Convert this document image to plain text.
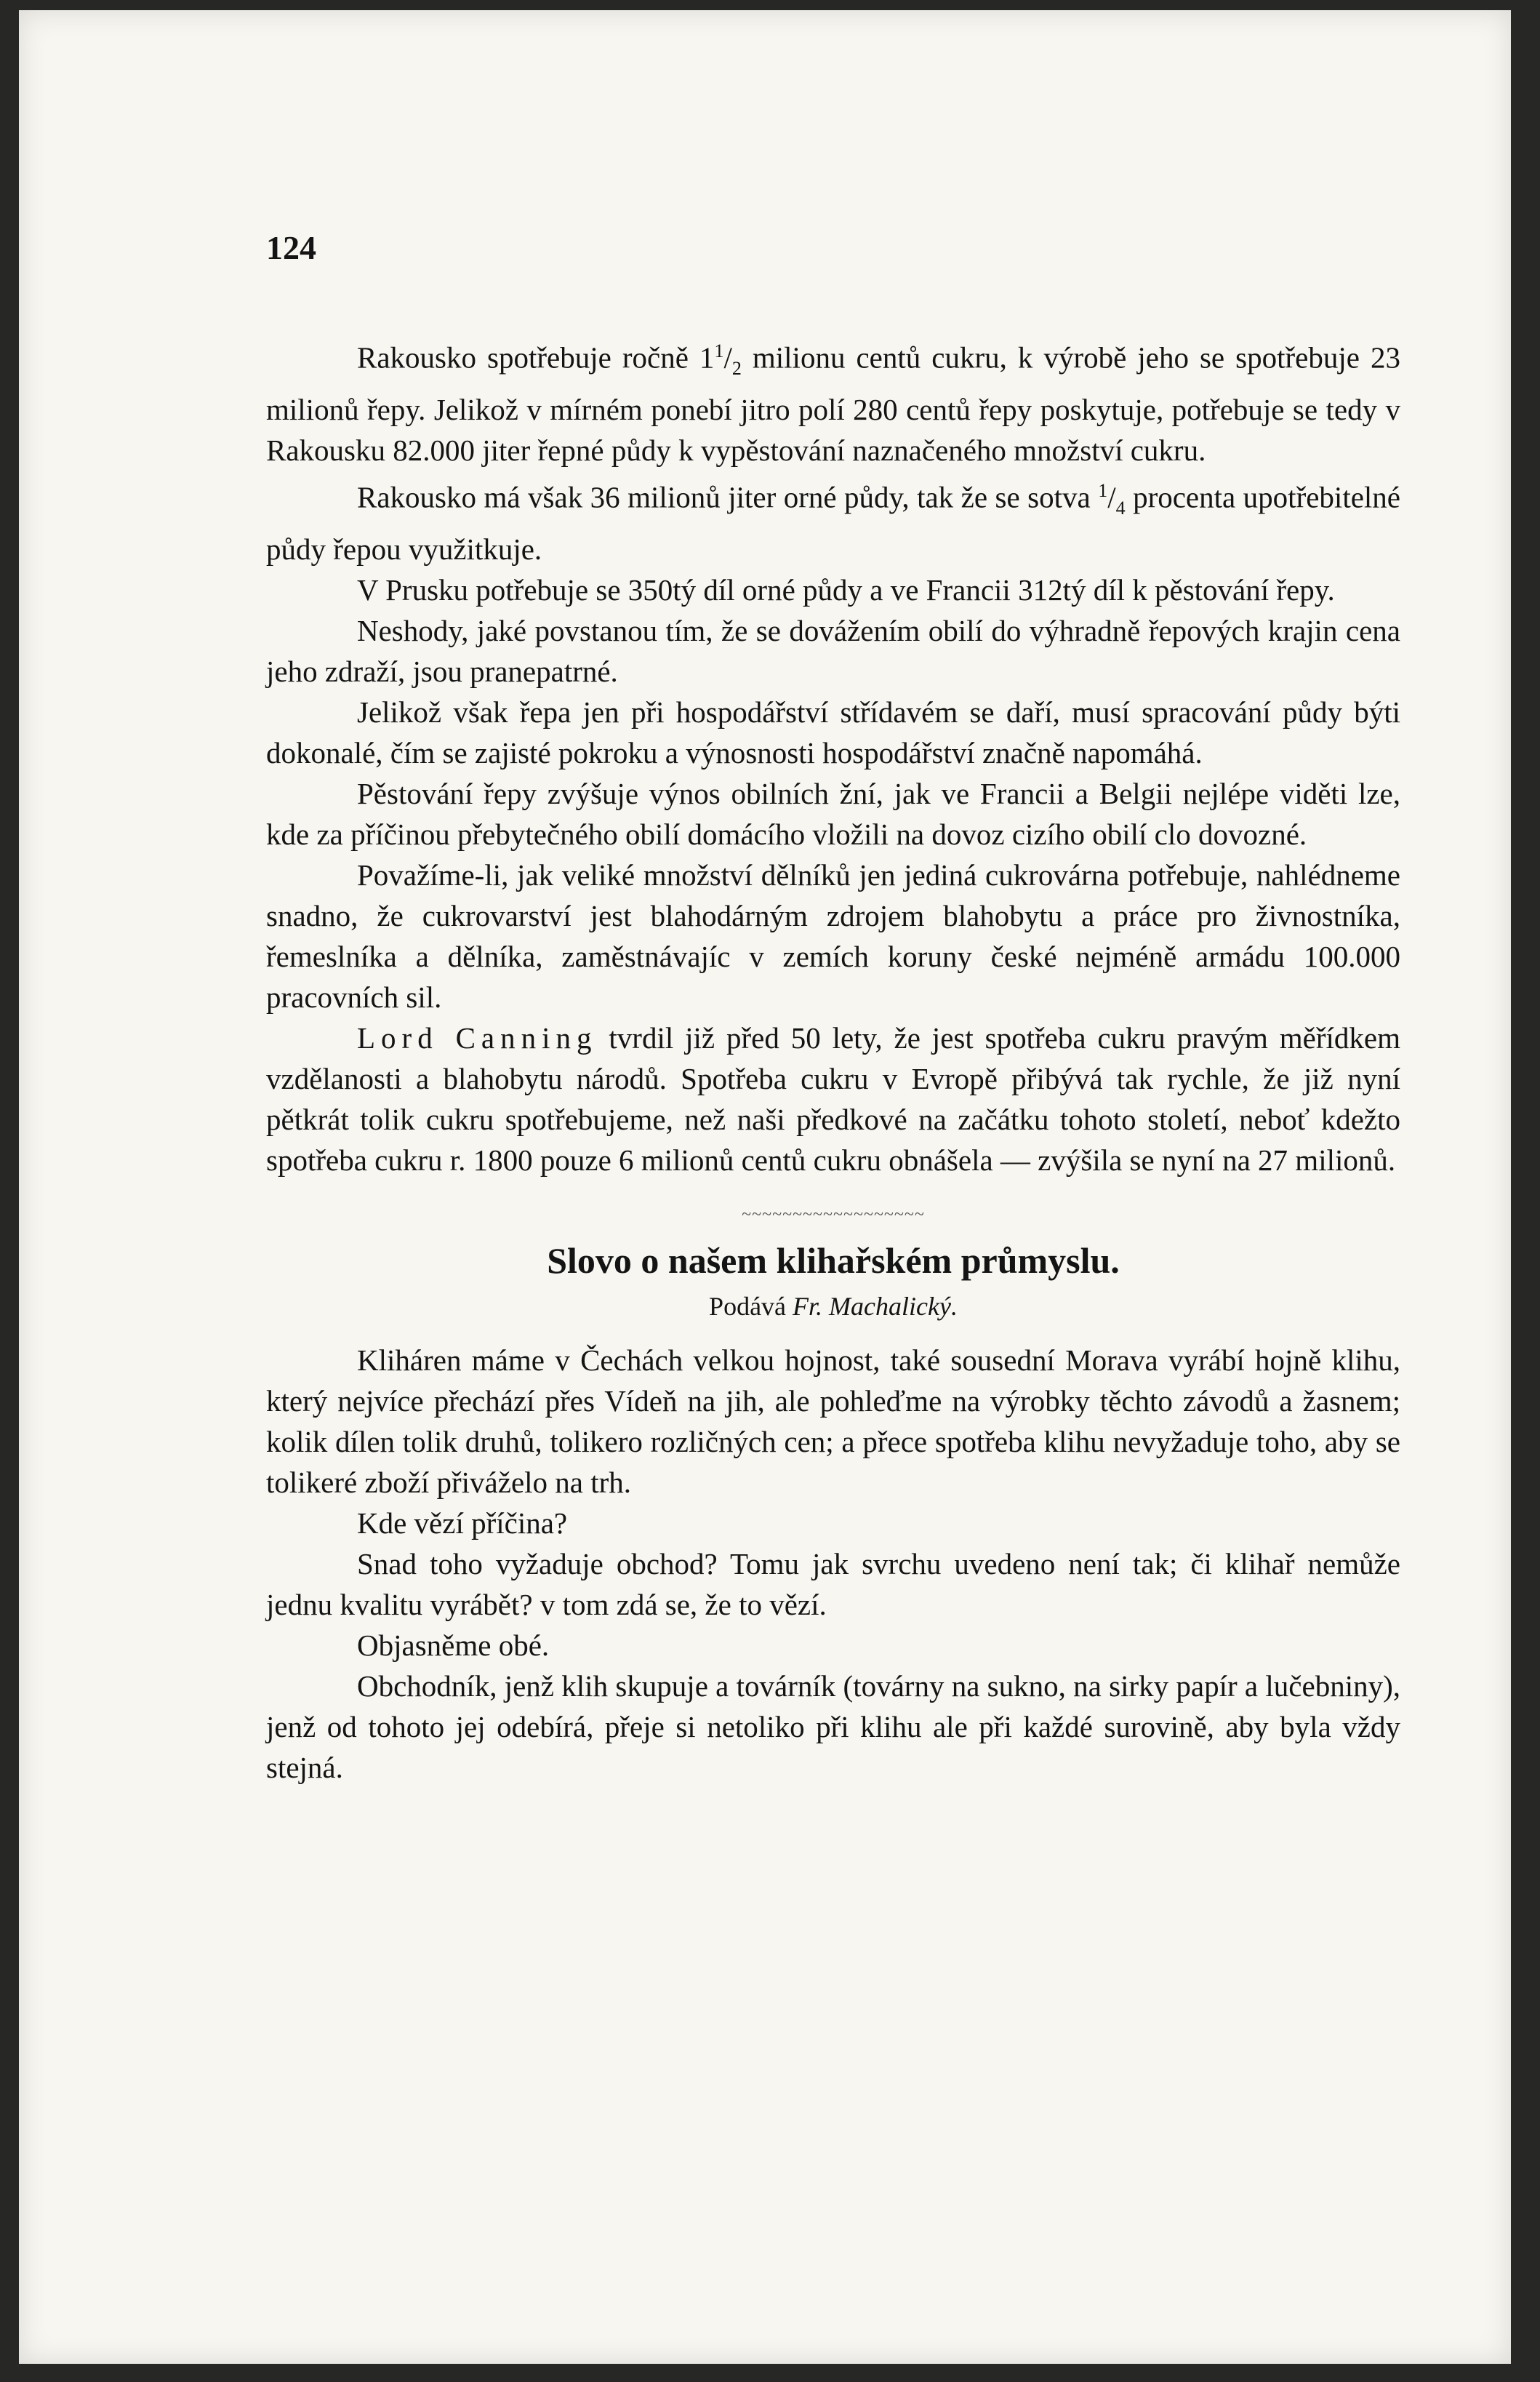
124

Rakousko spotřebuje ročně $1^1/_2$ milionu centů cukru, k výrobě jeho se spotřebuje 23 milionů řepy. Jelikož v mírném ponebí jitro polí 280 centů řepy poskytuje, potřebuje se tedy v Rakousku 82.000 jiter řepné půdy k vypěstování naznačeného množství cukru.

Rakousko má však 36 milionů jiter orné půdy, tak že se sotva $^1/_4$ procenta upotřebitelné půdy řepou využitkuje.

V Prusku potřebuje se 350tý díl orné půdy a ve Francii 312tý díl k pěstování řepy.

Neshody, jaké povstanou tím, že se dovážením obilí do výhradně řepových krajin cena jeho zdraží, jsou pranepatrné.

Jelikož však řepa jen při hospodářství střídavém se daří, musí spracování půdy býti dokonalé, čím se zajisté pokroku a výnosnosti hospodářství značně napomáhá.

Pěstování řepy zvýšuje výnos obilních žní, jak ve Francii a Belgii nejlépe viděti lze, kde za příčinou přebytečného obilí domácího vložili na dovoz cizího obilí clo dovozné.

Považíme-li, jak veliké množství dělníků jen jediná cukrovárna potřebuje, nahlédneme snadno, že cukrovarství jest blahodárným zdrojem blahobytu a práce pro živnostníka, řemeslníka a dělníka, zaměstnávajíc v zemích koruny české nejméně armádu 100.000 pracovních sil.

Lord Canning tvrdil již před 50 lety, že jest spotřeba cukru pravým měřídkem vzdělanosti a blahobytu národů. Spotřeba cukru v Evropě přibývá tak rychle, že již nyní pětkrát tolik cukru spotřebujeme, než naši předkové na začátku tohoto století, neboť kdežto spotřeba cukru r. 1800 pouze 6 milionů centů cukru obnášela — zvýšila se nyní na 27 milionů.

~~~~~~~~~~~~~~~~~~
Slovo o našem klihařském průmyslu.
Podává Fr. Machalický.

Kliháren máme v Čechách velkou hojnost, také sousední Morava vyrábí hojně klihu, který nejvíce přechází přes Vídeň na jih, ale pohleďme na výrobky těchto závodů a žasnem; kolik dílen tolik druhů, tolikero rozličných cen; a přece spotřeba klihu nevyžaduje toho, aby se tolikeré zboží přiváželo na trh.

Kde vězí příčina?

Snad toho vyžaduje obchod? Tomu jak svrchu uvedeno není tak; či klihař nemůže jednu kvalitu vyrábět? v tom zdá se, že to vězí.

Objasněme obé.

Obchodník, jenž klih skupuje a továrník (továrny na sukno, na sirky papír a lučebniny), jenž od tohoto jej odebírá, přeje si netoliko při klihu ale při každé surovině, aby byla vždy stejná.
